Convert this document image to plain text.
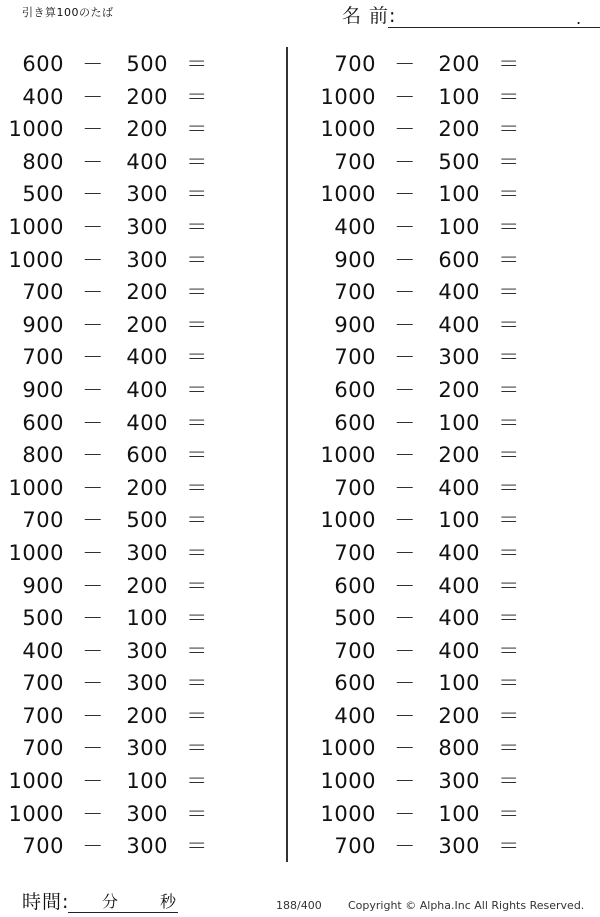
引き算100のたば	名 前:	.
600 －	500 ＝
400 －	200 ＝
1000 －	200 ＝
800 －	400 ＝
500 －	300 ＝
1000 －	300 ＝
1000 －	300 ＝
700 －	200 ＝
900 －	200 ＝
700 －	400 ＝
900 －	400 ＝
600 －	400 ＝
800 －	600 ＝
1000 －	200 ＝
700 －	500 ＝
1000 －	300 ＝
900 －	200 ＝
500 －	100 ＝
400 －	300 ＝
700 －	300 ＝
700 －	200 ＝
700 －	300 ＝
1000 －	100 ＝
1000 －	300 ＝
700 －	300 ＝
700 －	200 ＝
1000 －	100 ＝
1000 －	200 ＝
700 －	500 ＝
1000 －	100 ＝
400 －	100 ＝
900 －	600 ＝
700 －	400 ＝
900 －	400 ＝
700 －	300 ＝
600 －	200 ＝
600 －	100 ＝
1000 －	200 ＝
700 －	400 ＝
1000 －	100 ＝
700 －	400 ＝
600 －	400 ＝
500 －	400 ＝
700 －	400 ＝
600 －	100 ＝
400 －	200 ＝
1000 －	800 ＝
1000 －	300 ＝
1000 －	100 ＝
700 －	300 ＝
時間: 分	秒	188/400 Copyright © Alpha.Inc All Rights Reserved.
